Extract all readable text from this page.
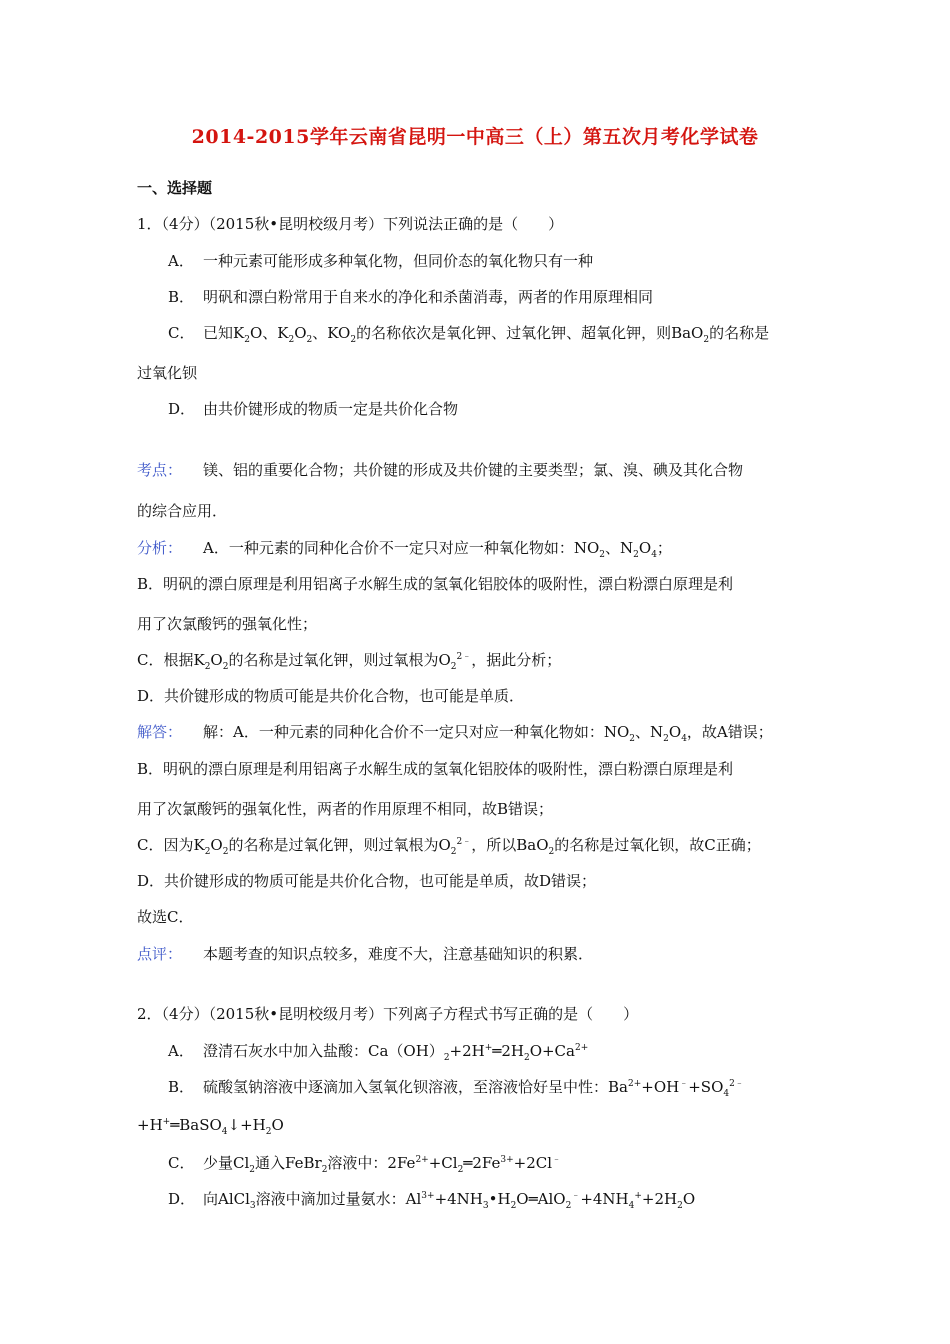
2014-2015学年云南省昆明一中高三（上）第五次月考化学试卷
一、选择题
1．（4分）（2015秋•昆明校级月考）下列说法正确的是（　　）
A． 一种元素可能形成多种氧化物，但同价态的氧化物只有一种
B． 明矾和漂白粉常用于自来水的净化和杀菌消毒，两者的作用原理相同
C． 已知$K_2O$、$K_2O_2$、$KO_2$的名称依次是氧化钾、过氧化钾、超氧化钾，则BaO$_2$的名称是
过氧化钡
D． 由共价键形成的物质一定是共价化合物
考点： 镁、铝的重要化合物；共价键的形成及共价键的主要类型；氯、溴、碘及其化合物
的综合应用．
分析： A．一种元素的同种化合价不一定只对应一种氧化物如：$NO_2$、$N_2O_4$；
B．明矾的漂白原理是利用铝离子水解生成的氢氧化铝胶体的吸附性，漂白粉漂白原理是利
用了次氯酸钙的强氧化性；
C．根据$K_2O_2$的名称是过氧化钾，则过氧根为$O_2^{2﹣}$，据此分析；
D．共价键形成的物质可能是共价化合物，也可能是单质．
解答： 解：A．一种元素的同种化合价不一定只对应一种氧化物如：$NO_2$、$N_2O_4$，故A错误；
B．明矾的漂白原理是利用铝离子水解生成的氢氧化铝胶体的吸附性，漂白粉漂白原理是利
用了次氯酸钙的强氧化性，两者的作用原理不相同，故B错误；
C．因为$K_2O_2$的名称是过氧化钾，则过氧根为$O_2^{2﹣}$，所以BaO$_2$的名称是过氧化钡，故C正确；
D．共价键形成的物质可能是共价化合物，也可能是单质，故D错误；
故选C．
点评： 本题考查的知识点较多，难度不大，注意基础知识的积累．
2．（4分）（2015秋•昆明校级月考）下列离子方程式书写正确的是（　　）
A． 澄清石灰水中加入盐酸：$Ca(OH)_2+2H^+═2H_2O+Ca^{2+}$
B． 硫酸氢钠溶液中逐滴加入氢氧化钡溶液，至溶液恰好呈中性：$Ba^{2+}+OH^﹣+SO_4^{2﹣}$
$+H^+═BaSO_4↓+H_2O$
C． 少量$Cl_2$通入FeBr$_2$溶液中：$2Fe^{2+}+Cl_2═2Fe^{3+}+2Cl^﹣$
D． 向AlCl$_3$溶液中滴加过量氨水：$Al^{3+}+4NH_3•H_2O═AlO_2^﹣+4NH_4^++2H_2O$
